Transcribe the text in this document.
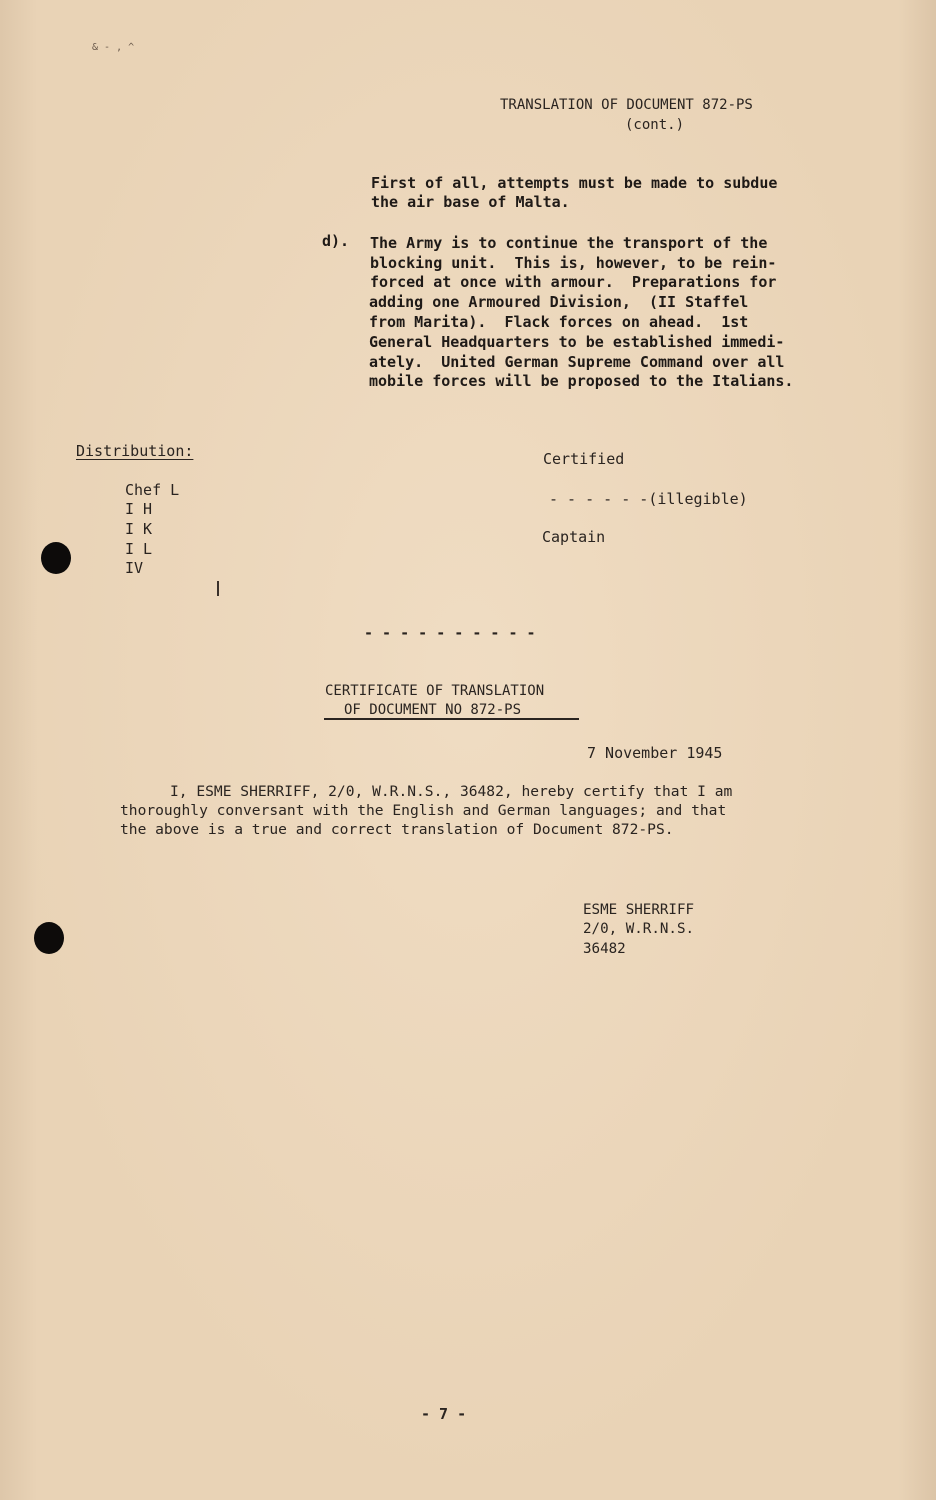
& - , ^
TRANSLATION OF DOCUMENT 872-PS
(cont.)
First of all, attempts must be made to subdue
the air base of Malta.
d). The Army is to continue the transport of the
blocking unit.  This is, however, to be rein-
forced at once with armour.  Preparations for
adding one Armoured Division,  (II Staffel
from Marita).  Flack forces on ahead.  1st
General Headquarters to be established immedi-
ately.  United German Supreme Command over all
mobile forces will be proposed to the Italians.
Distribution:
Chef L
I H
I K
I L
IV
Certified
- - - - - -(illegible)
Captain
- - - - - - - - - -
CERTIFICATE OF TRANSLATION
OF DOCUMENT NO 872-PS
7 November 1945
I, ESME SHERRIFF, 2/0, W.R.N.S., 36482, hereby certify that I am
thoroughly conversant with the English and German languages; and that
the above is a true and correct translation of Document 872-PS.
ESME SHERRIFF
2/0, W.R.N.S.
36482
- 7 -
